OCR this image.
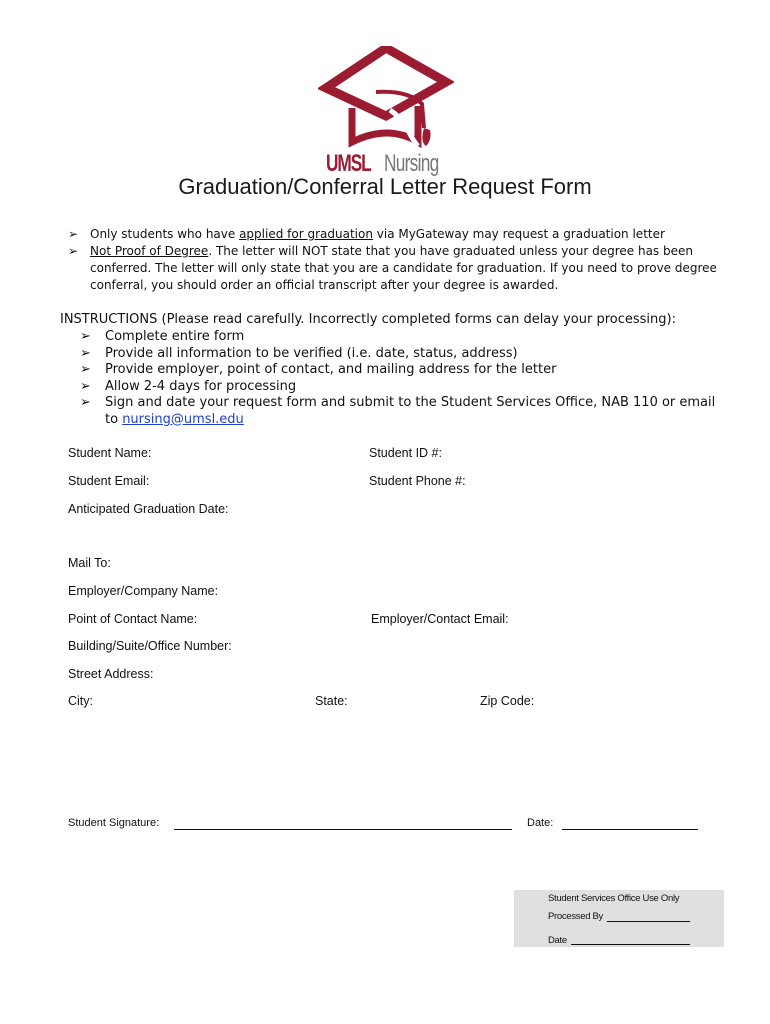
UMSL Nursing
Graduation/Conferral Letter Request Form
➢ Only students who have applied for graduation via MyGateway may request a graduation letter
➢ Not Proof of Degree. The letter will NOT state that you have graduated unless your degree has been conferred. The letter will only state that you are a candidate for graduation. If you need to prove degree conferral, you should order an official transcript after your degree is awarded.
INSTRUCTIONS (Please read carefully. Incorrectly completed forms can delay your processing):
➢	Complete entire form
➢	Provide all information to be verified (i.e. date, status, address)
➢	Provide employer, point of contact, and mailing address for the letter
➢	Allow 2-4 days for processing
➢	Sign and date your request form and submit to the Student Services Office, NAB 110 or email to nursing@umsl.edu
Student Name:	Student ID #:
Student Email:	Student Phone #:
Anticipated Graduation Date:
Mail To:
Employer/Company Name:
Point of Contact Name:	Employer/Contact Email:
Building/Suite/Office Number:
Street Address:
City:	State:	Zip Code:
Student Signature:	Date:
Student Services Office Use Only
Processed By
Date
